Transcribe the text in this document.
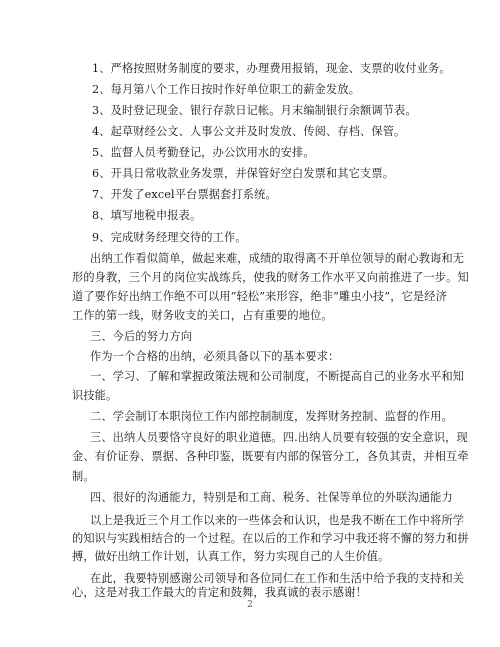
1、严格按照财务制度的要求，办理费用报销，现金、支票的收付业务。
2、每月第八个工作日按时作好单位职工的薪金发放。
3、及时登记现金、银行存款日记帐。月末编制银行余额调节表。
4、起草财经公文、人事公文并及时发放、传阅、存档、保管。
5、监督人员考勤登记，办公饮用水的安排。
6、开具日常收款业务发票，并保管好空白发票和其它支票。
7、开发了excel平台票据套打系统。
8、填写地税申报表。
9、完成财务经理交待的工作。
出纳工作看似简单，做起来难，成绩的取得离不开单位领导的耐心教诲和无
形的身教，三个月的岗位实战练兵，使我的财务工作水平又向前推进了一步。知
道了要作好出纳工作绝不可以用”轻松”来形容，绝非”雕虫小技”，它是经济
工作的第一线，财务收支的关口，占有重要的地位。
三、今后的努力方向
作为一个合格的出纳，必须具备以下的基本要求：
一、学习、了解和掌握政策法规和公司制度，不断提高自己的业务水平和知
识技能。
二、学会制订本职岗位工作内部控制制度，发挥财务控制、监督的作用。
三、出纳人员要恪守良好的职业道德。四.出纳人员要有较强的安全意识，现
金、有价证券、票据、各种印鉴，既要有内部的保管分工，各负其责，并相互牵
制。
四、很好的沟通能力，特别是和工商、税务、社保等单位的外联沟通能力
以上是我近三个月工作以来的一些体会和认识，也是我不断在工作中将所学
的知识与实践相结合的一个过程。在以后的工作和学习中我还将不懈的努力和拼
搏，做好出纳工作计划，认真工作，努力实现自己的人生价值。
在此，我要特别感谢公司领导和各位同仁在工作和生活中给予我的支持和关
心，这是对我工作最大的肯定和鼓舞，我真诚的表示感谢！
2
